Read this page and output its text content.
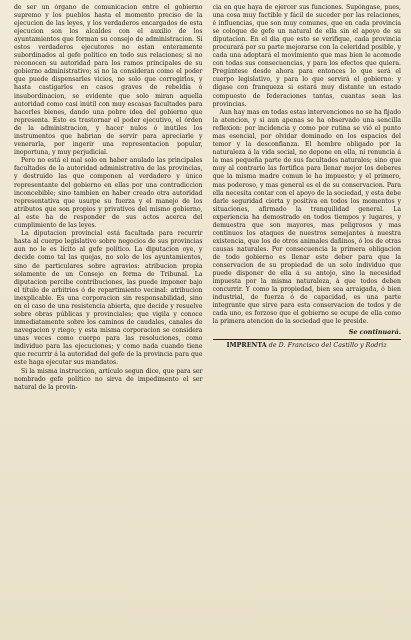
de ser un órgano de comunicacion entre el gobierno supremo y los pueblos hasta el momento preciso de la ejecucion de las leyes, y los verdaderos encargados de esta ejecucion son los alcaldes con el auxilio de los ayuntamientos que forman su consejo de administracion. Si estos verdaderos ejecutores no estan enteramente subordinados al gefe político en todo sus relaciones; si no reconocen su autoridad para los ramos principales de su gobierno administrativo; si no la consideran como el poder que puede dispensarles vicios, no solo que corregirlos, y hasta castigarlos en casos graves de rebeldía ó insubordinacion, se evidente que solo miran aquella autoridad como casi inútil con muy escasas facultades para hacerles bienes, dando una pobre idea del gobierno que representa. Esto es trastornar el poder ejecutivo, el órden de la administracion, y hacer nulos ó inútiles los instrumentos que habrian de servir para apreciarle y venerarla, por ingerir una representacion popular, inoportuna, y muy perjudicial.

Pero no está el mal solo en haber anulado las principales facultades de la autoridad administrativa de las provincias, y destruido las que componen al verdadero y único representante del gobierno en ellas por una contradiccion inconcebible; sino tambien en haber creado otra autoridad representativa que usurpe su fuerza y el manejo de los atributos que son propios y privativos del mismo gobierno, al este ha de responder de sus actos acerca del cumplimiento de las leyes.

La diputacion provincial está facultada para recurrir hasta al cuerpo legislativo sobre negocios de sus provincias aun no le es lícito al gefe político. La diputacion oye, y decide como tal las quejas, no solo de los ayuntamientos, sino de particulares sobre agravios: atribucion propia solamente de un Consejo en forma de Tribunal. La diputacion percibe contribuciones, las puede imponer bajo el título de arbitrios ó de repartimiento vecinal: atribucion inexplicable. Es una corporacion sin responsabilidad, sino en el caso de una resistencia abierta, que decide y resuelve sobre obras públicas y provinciales; que vigila y conoce inmediatamente sobre los caminos de caudales, canales de navegacion y riego; y esta misma corporacion se considera unas veces como cuerpo para las resoluciones, como individuo para las ejecuciones; y como nada cuando tiene que recurrir á la autoridad del gefe de la provincia para que este haga ejecutar sus mandatos.

Si la misma instruccion, artículo segun dice, que para ser nombrado gefe político no sirva de impedimento el ser natural de la provin-

cia en que haya de ejercer sus funciones. Supóngase, pues, una cosa muy factible y fácil de suceder por las relaciones, é influencias, que son muy comunes, que en cada provincia se coloque de gefe un natural de ella sin el apoyo de su diputacion. En el dia que esto se verifique, cada provincia procurará por su parte mejorarse con la celeridad posible, y cada una adoptará el movimiento que mas bien le acomode con todas sus consecuencias, y para los efectos que quiera. Pregúntese desde ahora para entonces lo que será el cuerpo legislativo, y para lo que servirá el gobierno: y dígase con franqueza si estará muy distante un estado compuesto de federaciones tantas, cuantas sean las provincias.

Aun hay mas en todas estas intervenciones no se ha fijado la atencion, y si aun apenas se ha observado una sencilla reflexion: por incidencia y como por rutina se vió el punto mas esencial, por olvidar dominado en los espacios del temor y la desconfianza. El hombre obligado por la naturaleza á la vida social, no depone en ella, ni renuncia á la mas pequeña parte de sus facultades naturales; sino que muy al contrario las fortifica para llenar mejor los deberes que la misma madre comun le ha impuesto; y el primero, mas poderoso, y mas general es el de su conservacion. Para ella necesita contar con el apoyo de la sociedad, y esta debe darle seguridad cierta y positiva en todos los momentos y situaciones, afirmado la tranquilidad general. La experiencia ha demostrado en todos tiempos y lugares, y demuestra que son mayores, mas peligrosos y mas continuos los ataques de nuestros semejantes á nuestra existencia, que los de otros animales dañinos, ó los de otras causas naturales. Por consecuencia la primera obligacion de todo gobierno es llenar este deber para que la conservacion de su propiedad de un solo individuo que puede disponer de ella á su antojo, sino la necesidad impuesta por la misma naturaleza, á que todos deben concurrir. Y como la propiedad, bien sea arraigada, ó bien industrial, de fuerza ó de capacidad, es una parte integrante que sirve para esta conservacion de todos y de cada uno, es forzoso que el gobierno se ocupe de ella como la primera atencion de la sociedad que le preside.

Se continuará.
IMPRENTA de D. Francisco del Castillo y Rodriz
